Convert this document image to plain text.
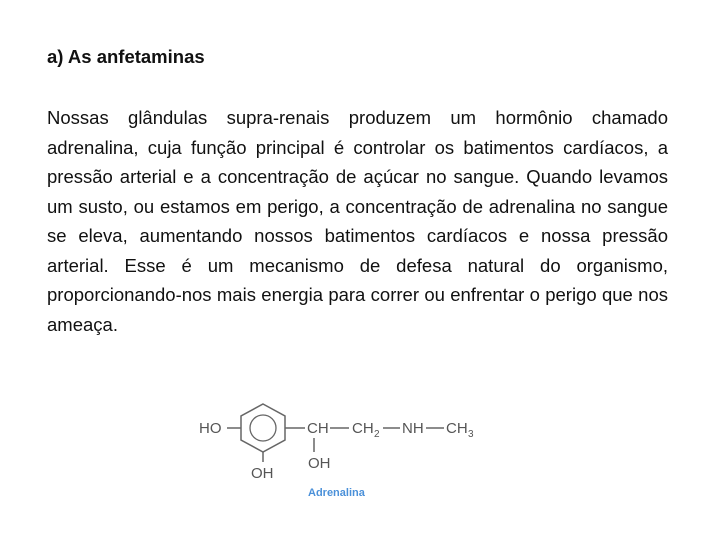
a) As anfetaminas

Nossas glândulas supra-renais produzem um hormônio chamado adrenalina, cuja função principal é controlar os batimentos cardíacos, a pressão arterial e a concentração de açúcar no sangue. Quando levamos um susto, ou estamos em perigo, a concentração de adrenalina no sangue se eleva, aumentando nossos batimentos cardíacos e nossa pressão arterial. Esse é um mecanismo de defesa natural do organismo, proporcionando-nos mais energia para correr ou enfrentar o perigo que nos ameaça.

HO
OH
CH
OH
CH 2 NH CH 3
Adrenalina
